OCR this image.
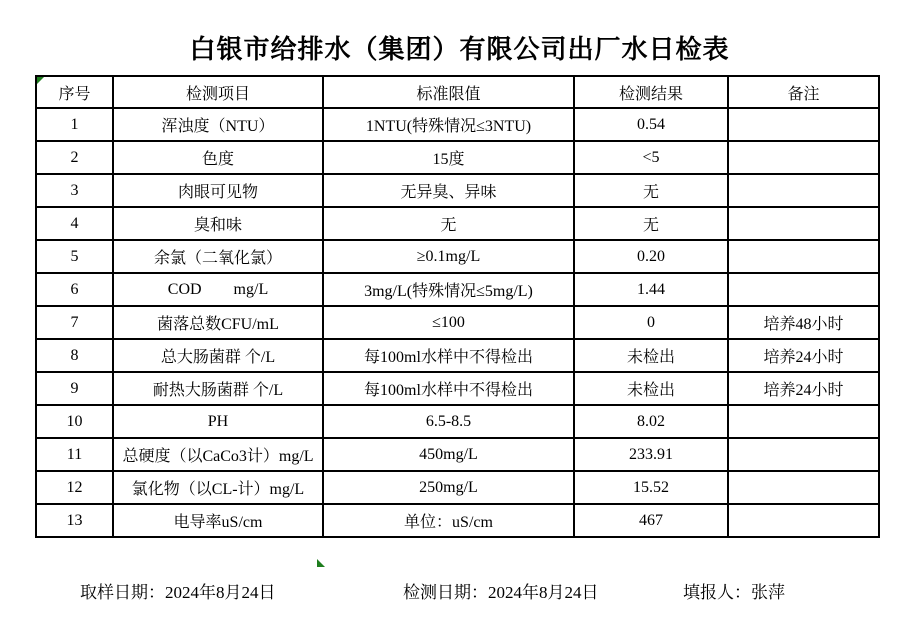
白银市给排水（集团）有限公司出厂水日检表
序号	检测项目	标准限值	检测结果	备注
1	浑浊度（NTU）	1NTU(特殊情况≤3NTU)	0.54	
2	色度	15度	<5	
3	肉眼可见物	无异臭、异味	无	
4	臭和味	无	无	
5	余氯（二氧化氯）	≥0.1mg/L	0.20	
6	COD        mg/L	3mg/L(特殊情况≤5mg/L)	1.44	
7	菌落总数CFU/mL	≤100	0	培养48小时
8	总大肠菌群 个/L	每100ml水样中不得检出	未检出	培养24小时
9	耐热大肠菌群 个/L	每100ml水样中不得检出	未检出	培养24小时
10	PH	6.5-8.5	8.02	
11	总硬度（以CaCo3计）mg/L	450mg/L	233.91	
12	氯化物（以CL-计）mg/L	250mg/L	15.52	
13	电导率uS/cm	单位：uS/cm	467	
取样日期：2024年8月24日	检测日期：2024年8月24日	填报人：张萍
